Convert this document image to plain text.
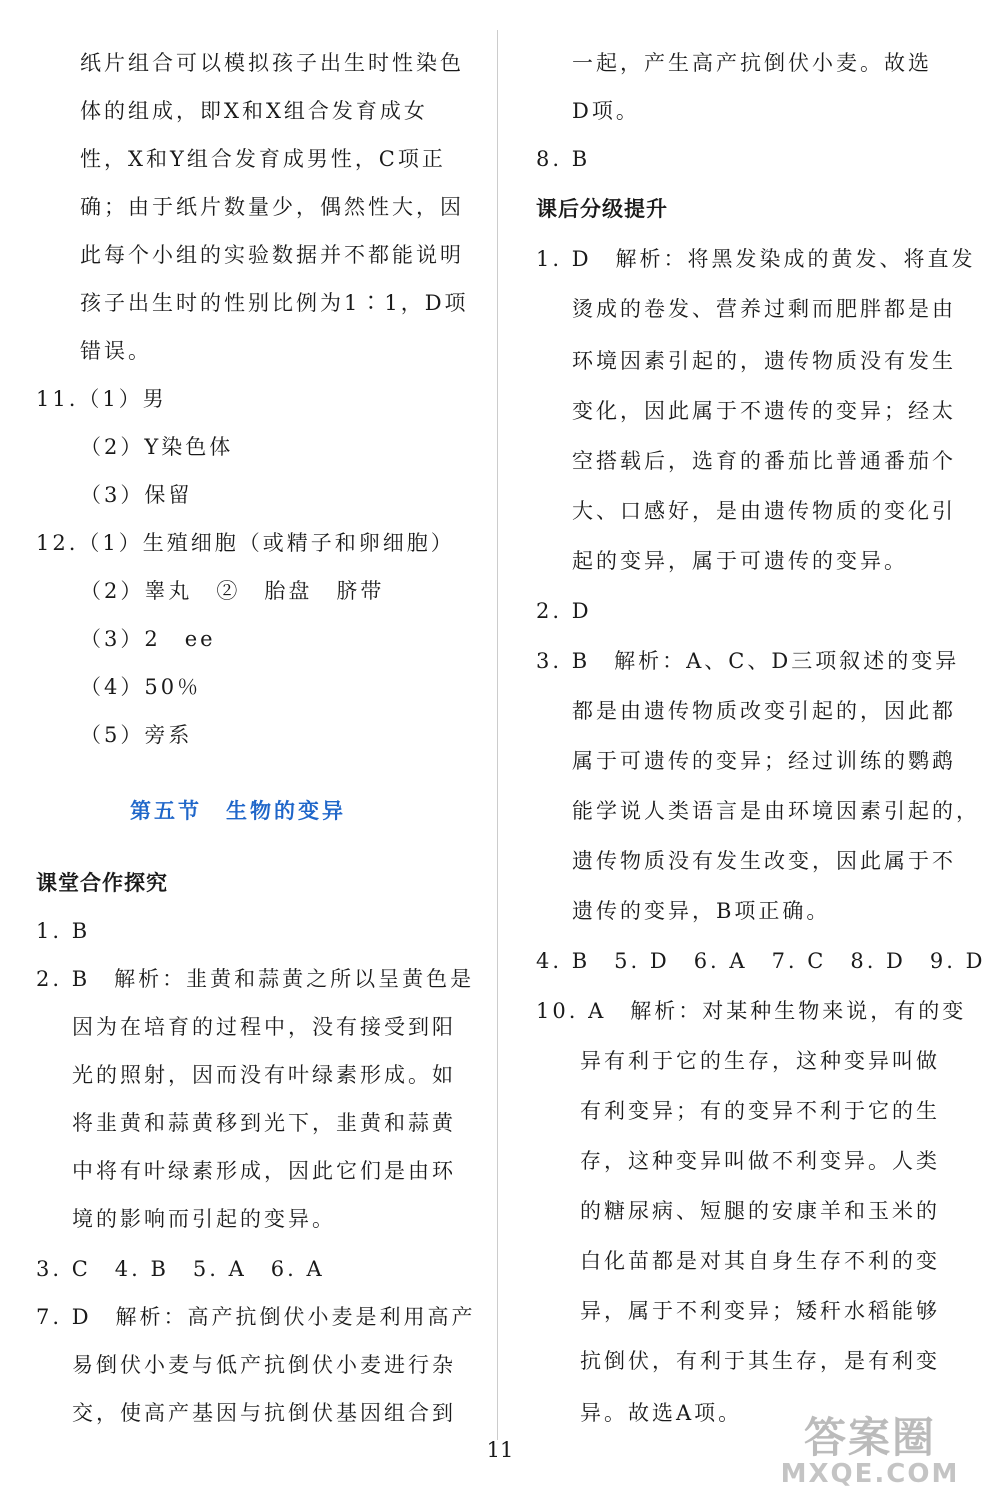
纸片组合可以模拟孩子出生时性染色
体的组成，即X和X组合发育成女
性，X和Y组合发育成男性，C项正
确；由于纸片数量少，偶然性大，因
此每个小组的实验数据并不都能说明
孩子出生时的性别比例为1∶1，D项
错误。
11.（1）男
（2）Y染色体
（3）保留
12.（1）生殖细胞（或精子和卵细胞）
（2）睾丸　②　胎盘　脐带
（3）2　ee
（4）50％
（5）旁系
第五节　生物的变异
课堂合作探究
1. B
2. B　解析：韭黄和蒜黄之所以呈黄色是
因为在培育的过程中，没有接受到阳
光的照射，因而没有叶绿素形成。如
将韭黄和蒜黄移到光下，韭黄和蒜黄
中将有叶绿素形成，因此它们是由环
境的影响而引起的变异。
3. C　4. B　5. A　6. A
7. D　解析：高产抗倒伏小麦是利用高产
易倒伏小麦与低产抗倒伏小麦进行杂
交，使高产基因与抗倒伏基因组合到
一起，产生高产抗倒伏小麦。故选
D项。
8. B
课后分级提升
1. D　解析：将黑发染成的黄发、将直发
烫成的卷发、营养过剩而肥胖都是由
环境因素引起的，遗传物质没有发生
变化，因此属于不遗传的变异；经太
空搭载后，选育的番茄比普通番茄个
大、口感好，是由遗传物质的变化引
起的变异，属于可遗传的变异。
2. D
3. B　解析：A、C、D三项叙述的变异
都是由遗传物质改变引起的，因此都
属于可遗传的变异；经过训练的鹦鹉
能学说人类语言是由环境因素引起的，
遗传物质没有发生改变，因此属于不
遗传的变异，B项正确。
4. B　5. D　6. A　7. C　8. D　9. D
10. A　解析：对某种生物来说，有的变
异有利于它的生存，这种变异叫做
有利变异；有的变异不利于它的生
存，这种变异叫做不利变异。人类
的糖尿病、短腿的安康羊和玉米的
白化苗都是对其自身生存不利的变
异，属于不利变异；矮秆水稻能够
抗倒伏，有利于其生存，是有利变
异。故选A项。
11	答案圈
MXQE.COM
